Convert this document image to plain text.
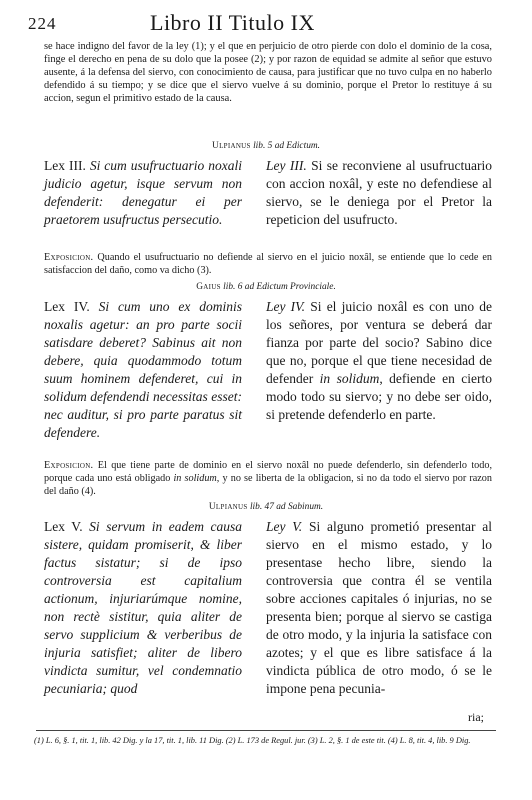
224	Libro II Titulo IX
se hace indigno del favor de la ley (1); y el que en perjuicio de otro pierde con dolo el dominio de la cosa, finge el derecho en pena de su dolo que la posee (2); y por razon de equidad se admite al señor que estuvo ausente, á la defensa del siervo, con conocimiento de causa, para justificar que no tuvo culpa en no haberlo defendido á su tiempo; y se dice que el siervo vuelve á su dominio, porque el Pretor lo restituye á su accion, segun el primitivo estado de la causa.
Ulpianus lib. 5 ad Edictum.
Lex III. Si cum usufructuario noxali judicio agetur, isque servum non defenderit: denegatur ei per praetorem usufructus persecutio.
Ley III. Si se reconviene al usufructuario con accion noxâl, y este no defendiese al siervo, se le deniega por el Pretor la repeticion del usufructo.
Exposicion. Quando el usufructuario no defiende al siervo en el juicio noxâl, se entiende que lo cede en satisfaccion del daño, como va dicho (3).
Gaius lib. 6 ad Edictum Provinciale.
Lex IV. Si cum uno ex dominis noxalis agetur: an pro parte socii satisdare deberet? Sabinus ait non debere, quia quodammodo totum suum hominem defenderet, cui in solidum defendendi necessitas esset: nec auditur, si pro parte paratus sit defendere.
Ley IV. Si el juicio noxâl es con uno de los señores, por ventura se deberá dar fianza por parte del socio? Sabino dice que no, porque el que tiene necesidad de defender in solidum, defiende en cierto modo todo su siervo; y no debe ser oido, si pretende defenderlo en parte.
Exposicion. El que tiene parte de dominio en el siervo noxâl no puede defenderlo, sin defenderlo todo, porque cada uno está obligado in solidum, y no se liberta de la obligacion, si no da todo el siervo por razon del daño (4).
Ulpianus lib. 47 ad Sabinum.
Lex V. Si servum in eadem causa sistere, quidam promiserit, & liber factus sistatur; si de ipso controversia est capitalium actionum, injuriarúmque nomine, non rectè sistitur, quia aliter de servo supplicium & verberibus de injuria satisfiet; aliter de libero vindicta sumitur, vel condemnatio pecuniaria; quod
Ley V. Si alguno prometió presentar al siervo en el mismo estado, y lo presentase hecho libre, siendo la controversia que contra él se ventila sobre acciones capitales ó injurias, no se presenta bien; porque al siervo se castiga de otro modo, y la injuria la satisface con azotes; y el que es libre satisface á la vindicta pública de otro modo, ó se le impone pena pecunia-
ria;
(1) L. 6, §. 1, tit. 1, lib. 42 Dig. y la 17, tit. 1, lib. 11 Dig. (2) L. 173 de Regul. jur. (3) L. 2, §. 1 de este tit. (4) L. 8, tit. 4, lib. 9 Dig.
